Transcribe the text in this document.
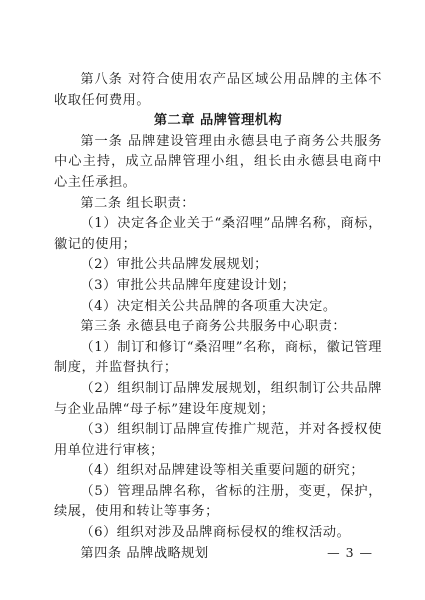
第八条 对符合使用农产品区域公用品牌的主体不收取任何费用。

第二章 品牌管理机构

第一条 品牌建设管理由永德县电子商务公共服务中心主持，成立品牌管理小组，组长由永德县电商中心主任承担。

第二条 组长职责：

（1）决定各企业关于“桑沼哩”品牌名称，商标，徽记的使用；

（2）审批公共品牌发展规划；

（3）审批公共品牌年度建设计划；

（4）决定相关公共品牌的各项重大决定。

第三条 永德县电子商务公共服务中心职责：

（1）制订和修订“桑沼哩”名称，商标，徽记管理制度，并监督执行；

（2）组织制订品牌发展规划，组织制订公共品牌与企业品牌“母子标”建设年度规划；

（3）组织制订品牌宣传推广规范，并对各授权使用单位进行审核；

（4）组织对品牌建设等相关重要问题的研究；

（5）管理品牌名称，省标的注册，变更，保护，续展，使用和转让等事务；

（6）组织对涉及品牌商标侵权的维权活动。

第四条 品牌战略规划	— 3 —
